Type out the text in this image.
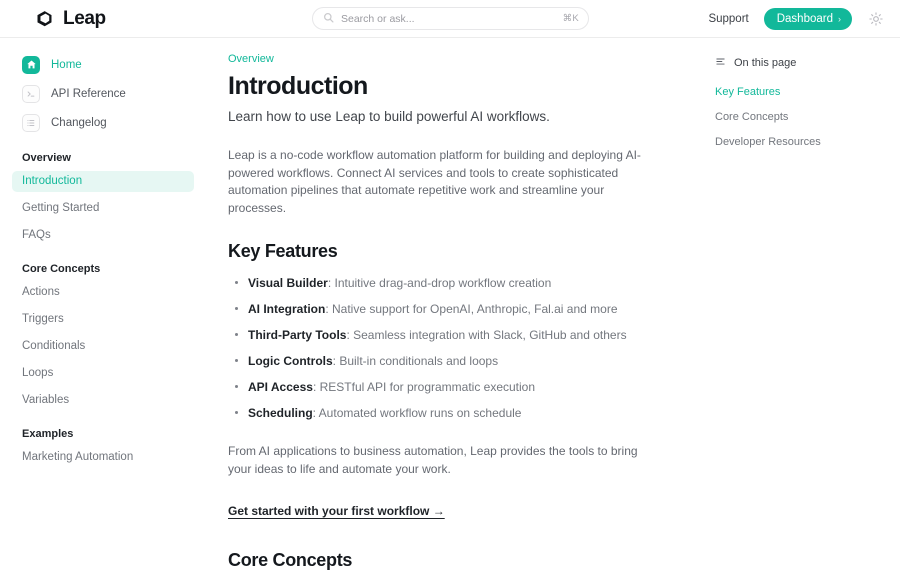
Leap	Search or ask...	⌘K	Support Dashboard ›
Home
API Reference
Changelog
Overview
Introduction
Getting Started
FAQs
Core Concepts
Actions
Triggers
Conditionals
Loops
Variables
Examples
Marketing Automation
Overview
Introduction
Learn how to use Leap to build powerful AI workflows.

Leap is a no-code workflow automation platform for building and deploying AI-powered workflows. Connect AI services and tools to create sophisticated automation pipelines that automate repetitive work and streamline your processes.

Key Features
Visual Builder: Intuitive drag-and-drop workflow creation
AI Integration: Native support for OpenAI, Anthropic, Fal.ai and more
Third-Party Tools: Seamless integration with Slack, GitHub and others
Logic Controls: Built-in conditionals and loops
API Access: RESTful API for programmatic execution
Scheduling: Automated workflow runs on schedule

From AI applications to business automation, Leap provides the tools to bring your ideas to life and automate your work.

Get started with your first workflow →
Core Concepts
On this page
Key Features
Core Concepts
Developer Resources
